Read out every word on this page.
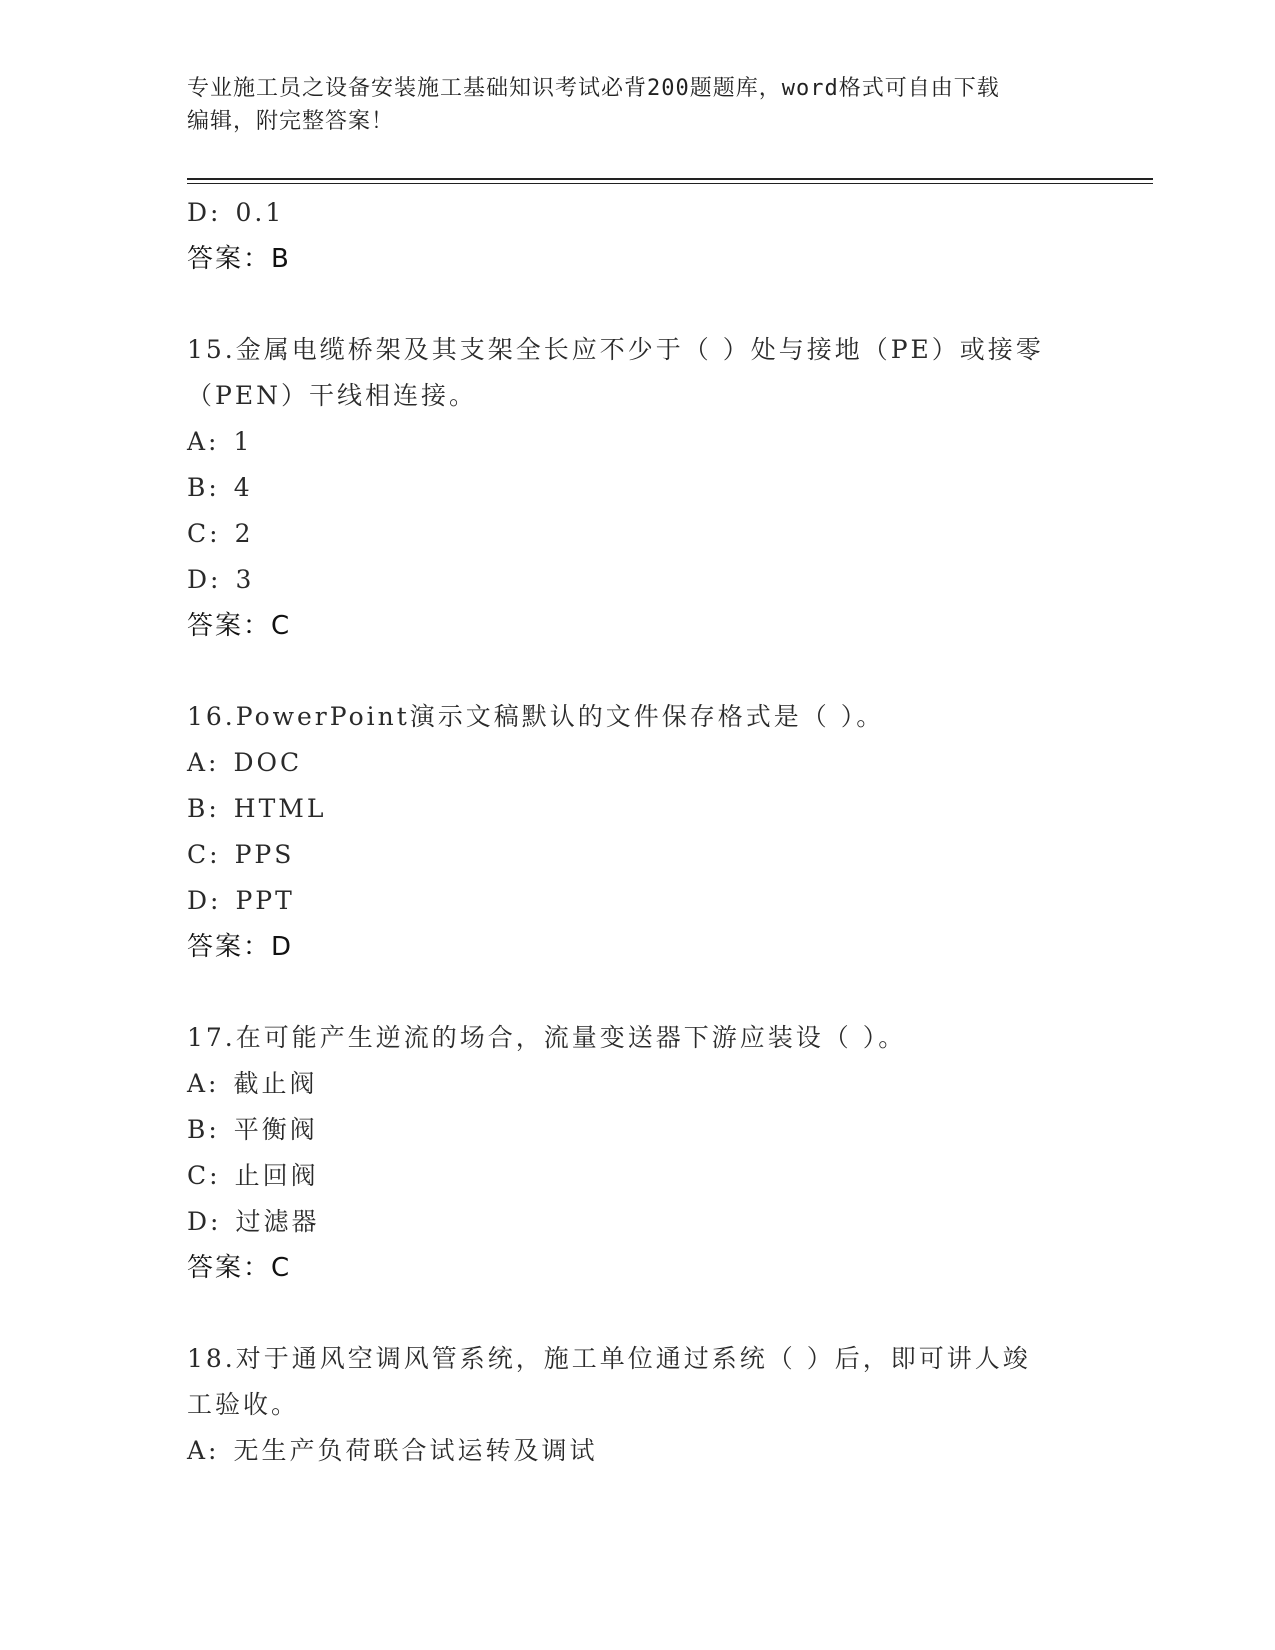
专业施工员之设备安装施工基础知识考试必背200题题库，word格式可自由下载
编辑，附完整答案！
D: 0.1
答案：B
15.金属电缆桥架及其支架全长应不少于（ ）处与接地（PE）或接零
（PEN）干线相连接。
A: 1
B: 4
C: 2
D: 3
答案：C
16.PowerPoint演示文稿默认的文件保存格式是（ ）。
A: DOC
B: HTML
C: PPS
D: PPT
答案：D
17.在可能产生逆流的场合，流量变送器下游应装设（ ）。
A: 截止阀
B: 平衡阀
C: 止回阀
D: 过滤器
答案：C
18.对于通风空调风管系统，施工单位通过系统（ ）后，即可讲人竣
工验收。
A: 无生产负荷联合试运转及调试
